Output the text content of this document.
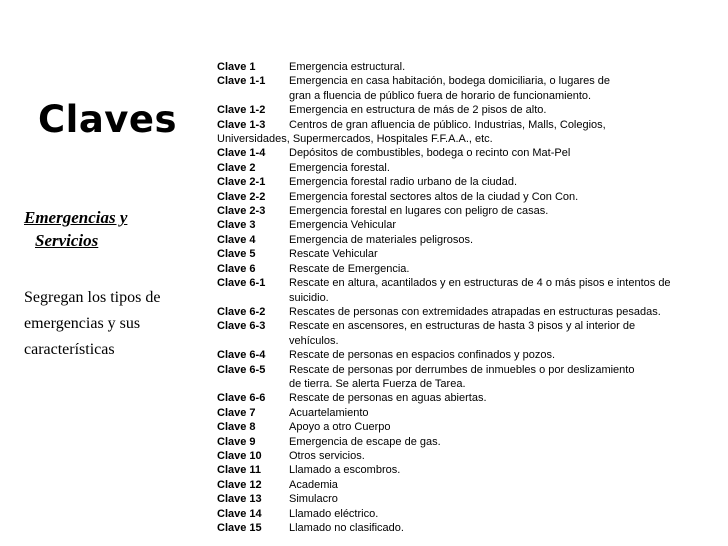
Claves
Emergencias y
Servicios
Segregan los tipos de
emergencias y sus
características
Clave 1	Emergencia estructural.
Clave 1-1	Emergencia en casa habitación, bodega domiciliaria, o lugares de
gran a fluencia de público fuera de horario de funcionamiento.
Clave 1-2	Emergencia en estructura de más de 2 pisos de alto.
Clave 1-3	Centros de gran afluencia de público. Industrias, Malls, Colegios,
Universidades, Supermercados, Hospitales F.F.A.A., etc.
Clave 1-4	Depósitos de combustibles, bodega o recinto con Mat-Pel
Clave 2	Emergencia forestal.
Clave 2-1	Emergencia forestal radio urbano de la ciudad.
Clave 2-2	Emergencia forestal sectores altos de la ciudad y Con Con.
Clave 2-3	Emergencia forestal en lugares con peligro de casas.
Clave 3	Emergencia Vehicular
Clave 4	Emergencia de materiales peligrosos.
Clave 5	Rescate Vehicular
Clave 6	Rescate de Emergencia.
Clave 6-1	Rescate en altura, acantilados y en estructuras de 4 o más pisos e intentos de
suicidio.
Clave 6-2	Rescates de personas con extremidades atrapadas en estructuras pesadas.
Clave 6-3	Rescate en ascensores, en estructuras de hasta 3 pisos y al interior de
vehículos.
Clave 6-4	Rescate de personas en espacios confinados y pozos.
Clave 6-5	Rescate de personas por derrumbes de inmuebles o por deslizamiento
de tierra. Se alerta Fuerza de Tarea.
Clave 6-6	Rescate de personas en aguas abiertas.
Clave 7	Acuartelamiento
Clave 8	Apoyo a otro Cuerpo
Clave 9	Emergencia de escape de gas.
Clave 10	Otros servicios.
Clave 11	Llamado a escombros.
Clave 12	Academia
Clave 13	Simulacro
Clave 14	Llamado eléctrico.
Clave 15	Llamado no clasificado.
